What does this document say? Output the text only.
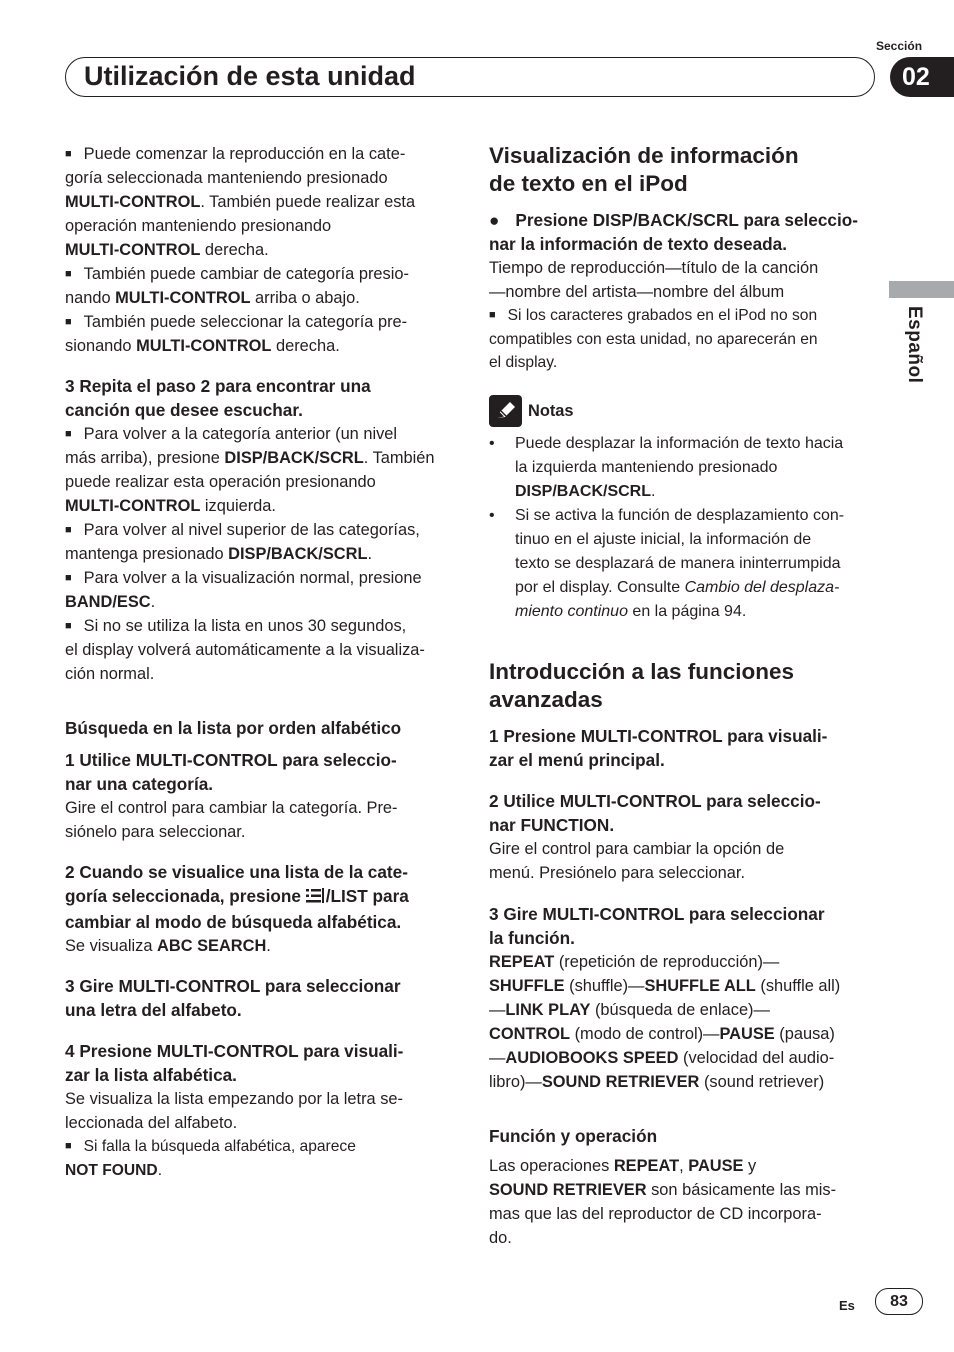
Utilización de esta unidad
Sección
02
Español

■ Puede comenzar la reproducción en la cate-

goría seleccionada manteniendo presionado

MULTI-CONTROL. También puede realizar esta

operación manteniendo presionando

MULTI-CONTROL derecha.

■ También puede cambiar de categoría presio-

nando MULTI-CONTROL arriba o abajo.

■ También puede seleccionar la categoría pre-

sionando MULTI-CONTROL derecha.

3 Repita el paso 2 para encontrar una

canción que desee escuchar.

■ Para volver a la categoría anterior (un nivel

más arriba), presione DISP/BACK/SCRL. También

puede realizar esta operación presionando

MULTI-CONTROL izquierda.

■ Para volver al nivel superior de las categorías,

mantenga presionado DISP/BACK/SCRL.

■ Para volver a la visualización normal, presione

BAND/ESC.

■ Si no se utiliza la lista en unos 30 segundos,

el display volverá automáticamente a la visualiza-

ción normal.

Búsqueda en la lista por orden alfabético

1 Utilice MULTI-CONTROL para seleccio-

nar una categoría.

Gire el control para cambiar la categoría. Pre-

siónelo para seleccionar.

2 Cuando se visualice una lista de la cate-

goría seleccionada, presione /LIST para

cambiar al modo de búsqueda alfabética.

Se visualiza ABC SEARCH.

3 Gire MULTI-CONTROL para seleccionar

una letra del alfabeto.

4 Presione MULTI-CONTROL para visuali-

zar la lista alfabética.

Se visualiza la lista empezando por la letra se-

leccionada del alfabeto.

■ Si falla la búsqueda alfabética, aparece

NOT FOUND.

Visualización de información

de texto en el iPod

● Presione DISP/BACK/SCRL para seleccio-

nar la información de texto deseada.

Tiempo de reproducción—título de la canción

—nombre del artista—nombre del álbum

■ Si los caracteres grabados en el iPod no son

compatibles con esta unidad, no aparecerán en

el display.

Notas

• Puede desplazar la información de texto hacia

la izquierda manteniendo presionado

DISP/BACK/SCRL.

• Si se activa la función de desplazamiento con-

tinuo en el ajuste inicial, la información de

texto se desplazará de manera ininterrumpida

por el display. Consulte Cambio del desplaza-

miento continuo en la página 94.

Introducción a las funciones

avanzadas

1 Presione MULTI-CONTROL para visuali-

zar el menú principal.

2 Utilice MULTI-CONTROL para seleccio-

nar FUNCTION.

Gire el control para cambiar la opción de

menú. Presiónelo para seleccionar.

3 Gire MULTI-CONTROL para seleccionar

la función.

REPEAT (repetición de reproducción)—

SHUFFLE (shuffle)—SHUFFLE ALL (shuffle all)

—LINK PLAY (búsqueda de enlace)—

CONTROL (modo de control)—PAUSE (pausa)

—AUDIOBOOKS SPEED (velocidad del audio-

libro)—SOUND RETRIEVER (sound retriever)

Función y operación

Las operaciones REPEAT, PAUSE y

SOUND RETRIEVER son básicamente las mis-

mas que las del reproductor de CD incorpora-

do.

Es	83
